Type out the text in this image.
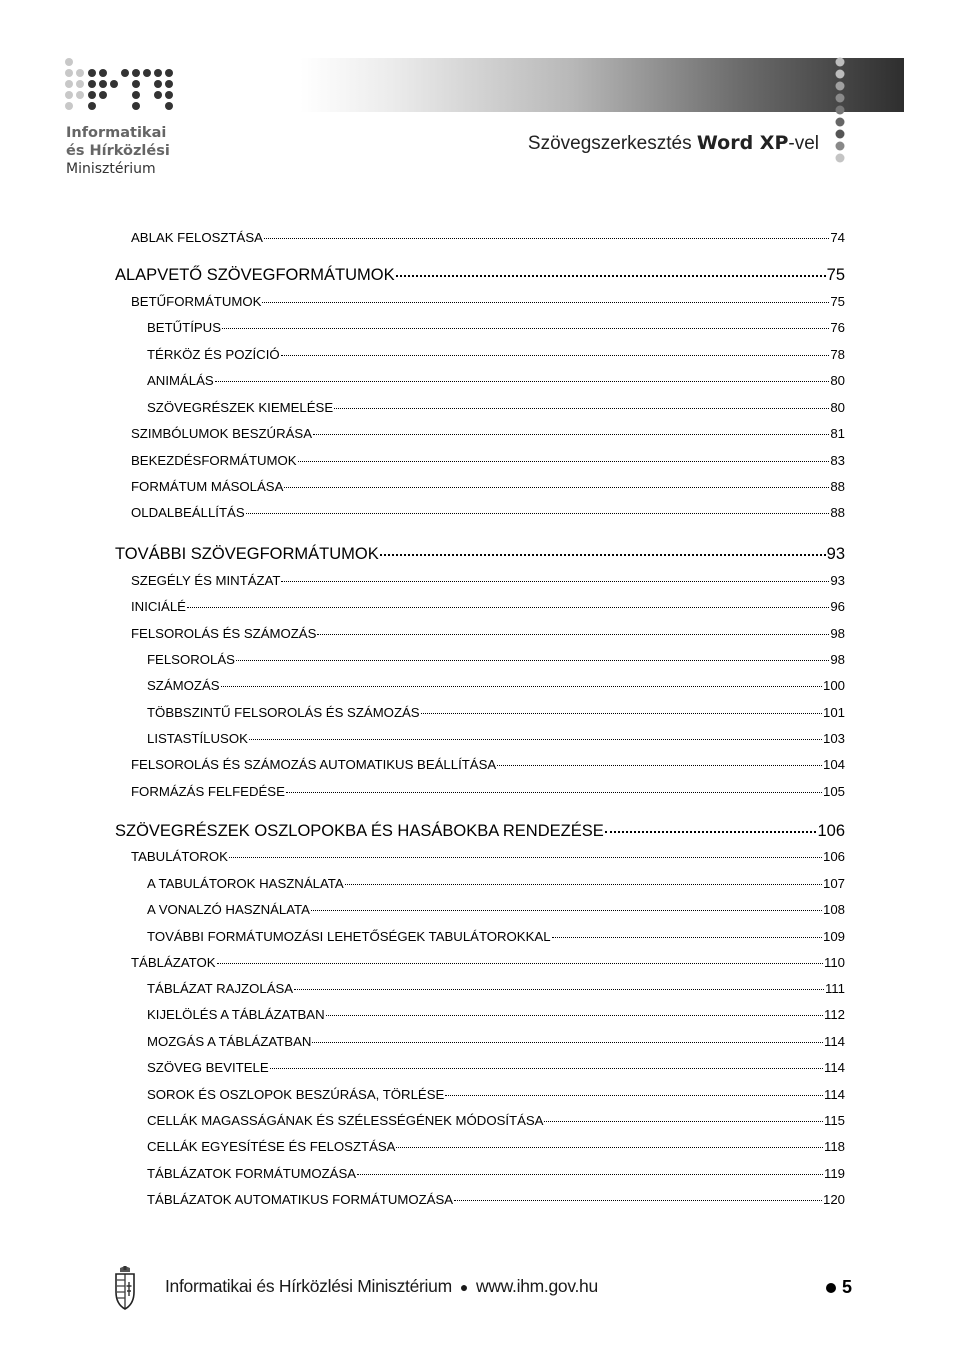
Informatikai
és Hírközlési
Minisztérium
Szövegszerkesztés Word XP-vel
ABLAK FELOSZTÁSA	74
ALAPVETŐ SZÖVEGFORMÁTUMOK	75
BETŰFORMÁTUMOK	75
BETŰTÍPUS	76
TÉRKÖZ ÉS POZÍCIÓ	78
ANIMÁLÁS	80
SZÖVEGRÉSZEK KIEMELÉSE	80
SZIMBÓLUMOK BESZÚRÁSA	81
BEKEZDÉSFORMÁTUMOK	83
FORMÁTUM MÁSOLÁSA	88
OLDALBEÁLLÍTÁS	88
TOVÁBBI SZÖVEGFORMÁTUMOK	93
SZEGÉLY ÉS MINTÁZAT	93
INICIÁLÉ	96
FELSOROLÁS ÉS SZÁMOZÁS	98
FELSOROLÁS	98
SZÁMOZÁS	100
TÖBBSZINTŰ FELSOROLÁS ÉS SZÁMOZÁS	101
LISTASTÍLUSOK	103
FELSOROLÁS ÉS SZÁMOZÁS AUTOMATIKUS BEÁLLÍTÁSA	104
FORMÁZÁS FELFEDÉSE	105
SZÖVEGRÉSZEK OSZLOPOKBA ÉS HASÁBOKBA RENDEZÉSE	106
TABULÁTOROK	106
A TABULÁTOROK HASZNÁLATA	107
A VONALZÓ HASZNÁLATA	108
TOVÁBBI FORMÁTUMOZÁSI LEHETŐSÉGEK TABULÁTOROKKAL	109
TÁBLÁZATOK	110
TÁBLÁZAT RAJZOLÁSA	111
KIJELÖLÉS A TÁBLÁZATBAN	112
MOZGÁS A TÁBLÁZATBAN	114
SZÖVEG BEVITELE	114
SOROK ÉS OSZLOPOK BESZÚRÁSA, TÖRLÉSE	114
CELLÁK MAGASSÁGÁNAK ÉS SZÉLESSÉGÉNEK MÓDOSÍTÁSA	115
CELLÁK EGYESÍTÉSE ÉS FELOSZTÁSA	118
TÁBLÁZATOK FORMÁTUMOZÁSA	119
TÁBLÁZATOK AUTOMATIKUS FORMÁTUMOZÁSA	120
Informatikai és Hírközlési Minisztérium ● www.ihm.gov.hu	5
